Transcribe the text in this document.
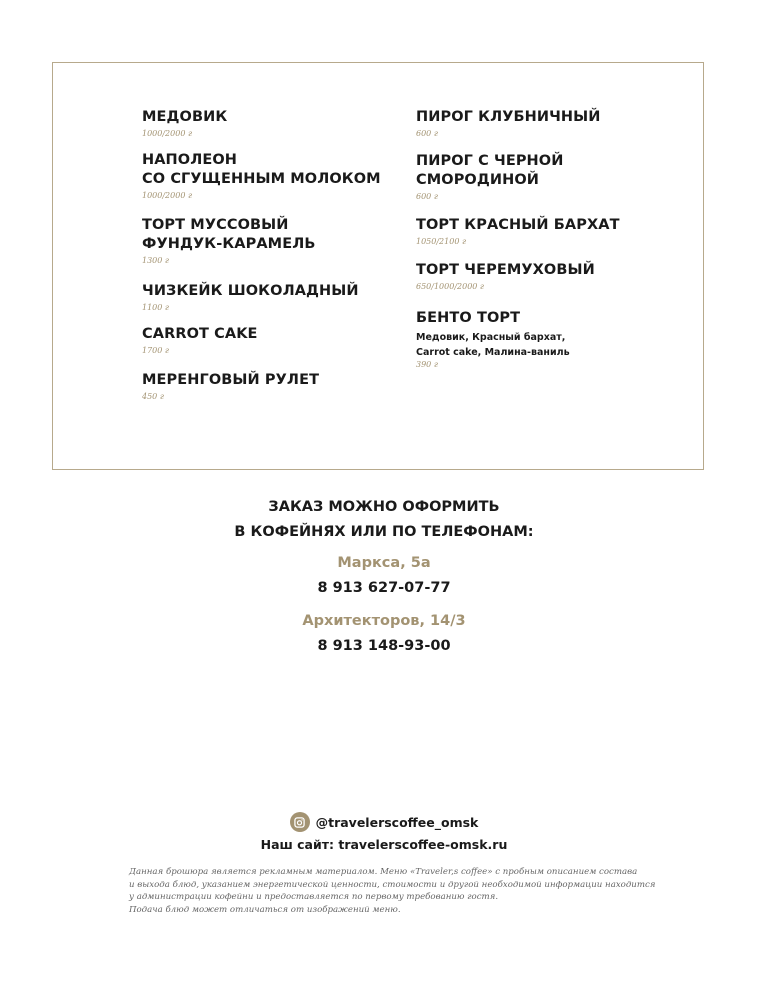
МЕДОВИК
1000/2000 г
НАПОЛЕОН
СО СГУЩЕННЫМ МОЛОКОМ
1000/2000 г
ТОРТ МУССОВЫЙ
ФУНДУК-КАРАМЕЛЬ
1300 г
ЧИЗКЕЙК ШОКОЛАДНЫЙ
1100 г
CARROT CAKE
1700 г
МЕРЕНГОВЫЙ РУЛЕТ
450 г
ПИРОГ КЛУБНИЧНЫЙ
600 г
ПИРОГ С ЧЕРНОЙ
СМОРОДИНОЙ
600 г
ТОРТ КРАСНЫЙ БАРХАТ
1050/2100 г
ТОРТ ЧЕРЕМУХОВЫЙ
650/1000/2000 г
БЕНТО ТОРТ
Медовик, Красный бархат,
Carrot cake, Малина-ваниль
390 г
ЗАКАЗ МОЖНО ОФОРМИТЬ
В КОФЕЙНЯХ ИЛИ ПО ТЕЛЕФОНАМ:
Маркса, 5а
8 913 627-07-77
Архитекторов, 14/3
8 913 148-93-00
@travelerscoffee_omsk
Наш сайт: travelerscoffee-omsk.ru
Данная брошюра является рекламным материалом. Меню «Traveler,s coffee» с пробным описанием состава
и выхода блюд, указанием энергетической ценности, стоимости и другой необходимой информации находится
у администрации кофейни и предоставляется по первому требованию гостя.
Подача блюд может отличаться от изображений меню.
